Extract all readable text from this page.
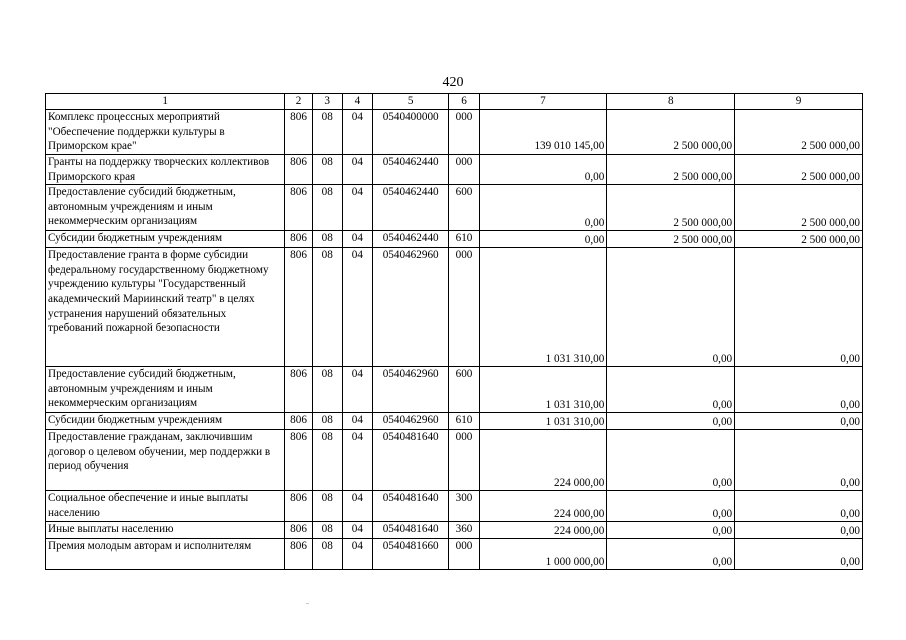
420
1	2	3	4	5	6	7	8	9
Комплекс процессных мероприятий "Обеспечение поддержки культуры в Приморском крае"	806	08	04	0540400000	000	139 010 145,00	2 500 000,00	2 500 000,00
Гранты на поддержку творческих коллективов Приморского края	806	08	04	0540462440	000	0,00	2 500 000,00	2 500 000,00
Предоставление субсидий бюджетным, автономным учреждениям и иным некоммерческим организациям	806	08	04	0540462440	600	0,00	2 500 000,00	2 500 000,00
Субсидии бюджетным учреждениям	806	08	04	0540462440	610	0,00	2 500 000,00	2 500 000,00
Предоставление гранта в форме субсидии федеральному государственному бюджетному учреждению культуры "Государственный академический Мариинский театр" в целях устранения нарушений обязательных требований пожарной безопасности	806	08	04	0540462960	000	1 031 310,00	0,00	0,00
Предоставление субсидий бюджетным, автономным учреждениям и иным некоммерческим организациям	806	08	04	0540462960	600	1 031 310,00	0,00	0,00
Субсидии бюджетным учреждениям	806	08	04	0540462960	610	1 031 310,00	0,00	0,00
Предоставление гражданам, заключившим договор о целевом обучении, мер поддержки в период обучения	806	08	04	0540481640	000	224 000,00	0,00	0,00
Социальное обеспечение и иные выплаты населению	806	08	04	0540481640	300	224 000,00	0,00	0,00
Иные выплаты населению	806	08	04	0540481640	360	224 000,00	0,00	0,00
Премия молодым авторам и исполнителям	806	08	04	0540481660	000	1 000 000,00	0,00	0,00
